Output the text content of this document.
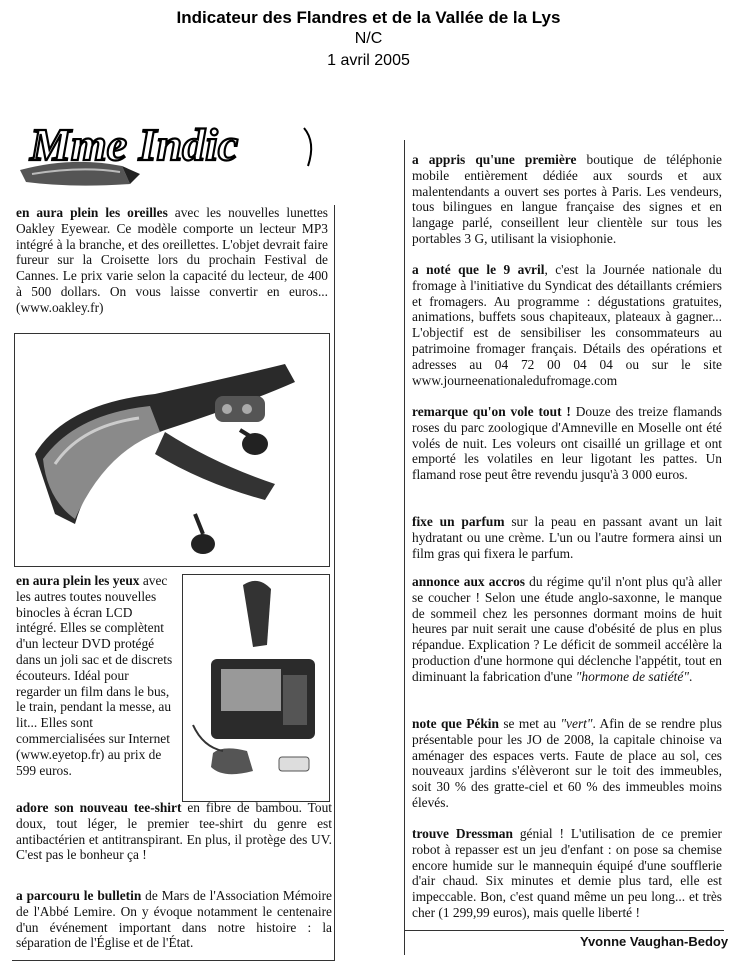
Indicateur des Flandres et de la Vallée de la Lys
N/C
1 avril 2005
Mme Indic
en aura plein les oreilles avec les nouvelles lunettes Oakley Eyewear. Ce modèle comporte un lecteur MP3 intégré à la branche, et des oreillettes. L'objet devrait faire fureur sur la Croisette lors du prochain Festival de Cannes. Le prix varie selon la capacité du lecteur, de 400 à 500 dollars. On vous laisse convertir en euros... (www.oakley.fr)
en aura plein les yeux avec les autres toutes nouvelles binocles à écran LCD intégré. Elles se complètent d'un lecteur DVD protégé dans un joli sac et de discrets écouteurs. Idéal pour regarder un film dans le bus, le train, pendant la messe, au lit... Elles sont commercialisées sur Internet (www.eyetop.fr) au prix de 599 euros.
adore son nouveau tee-shirt en fibre de bambou. Tout doux, tout léger, le premier tee-shirt du genre est antibactérien et antitranspirant. En plus, il protège des UV. C'est pas le bonheur ça !
a parcouru le bulletin de Mars de l'Association Mémoire de l'Abbé Lemire. On y évoque notamment le centenaire d'un événement important dans notre histoire : la séparation de l'Église et de l'État.
a appris qu'une première boutique de téléphonie mobile entièrement dédiée aux sourds et aux malentendants a ouvert ses portes à Paris. Les vendeurs, tous bilingues en langue française des signes et en langage parlé, conseillent leur clientèle sur tous les portables 3 G, utilisant la visiophonie.
a noté que le 9 avril, c'est la Journée nationale du fromage à l'initiative du Syndicat des détaillants crémiers et fromagers. Au programme : dégustations gratuites, animations, buffets sous chapiteaux, plateaux à gagner... L'objectif est de sensibiliser les consommateurs au patrimoine fromager français. Détails des opérations et adresses au 04 72 00 04 04 ou sur le site www.journeenationaledufromage.com
remarque qu'on vole tout ! Douze des treize flamands roses du parc zoologique d'Amneville en Moselle ont été volés de nuit. Les voleurs ont cisaillé un grillage et ont emporté les volatiles en leur ligotant les pattes. Un flamand rose peut être revendu jusqu'à 3 000 euros.
fixe un parfum sur la peau en passant avant un lait hydratant ou une crème. L'un ou l'autre formera ainsi un film gras qui fixera le parfum.
annonce aux accros du régime qu'il n'ont plus qu'à aller se coucher ! Selon une étude anglo-saxonne, le manque de sommeil chez les personnes dormant moins de huit heures par nuit serait une cause d'obésité de plus en plus répandue. Explication ? Le déficit de sommeil accélère la production d'une hormone qui déclenche l'appétit, tout en diminuant la fabrication d'une "hormone de satiété".
note que Pékin se met au "vert". Afin de se rendre plus présentable pour les JO de 2008, la capitale chinoise va aménager des espaces verts. Faute de place au sol, ces nouveaux jardins s'élèveront sur le toit des immeubles, soit 30 % des gratte-ciel et 60 % des immeubles moins élevés.
trouve Dressman génial ! L'utilisation de ce premier robot à repasser est un jeu d'enfant : on pose sa chemise encore humide sur le mannequin équipé d'une soufflerie d'air chaud. Six minutes et demie plus tard, elle est impeccable. Bon, c'est quand même un peu long... et très cher (1 299,99 euros), mais quelle liberté !
Yvonne Vaughan-Bedoy
